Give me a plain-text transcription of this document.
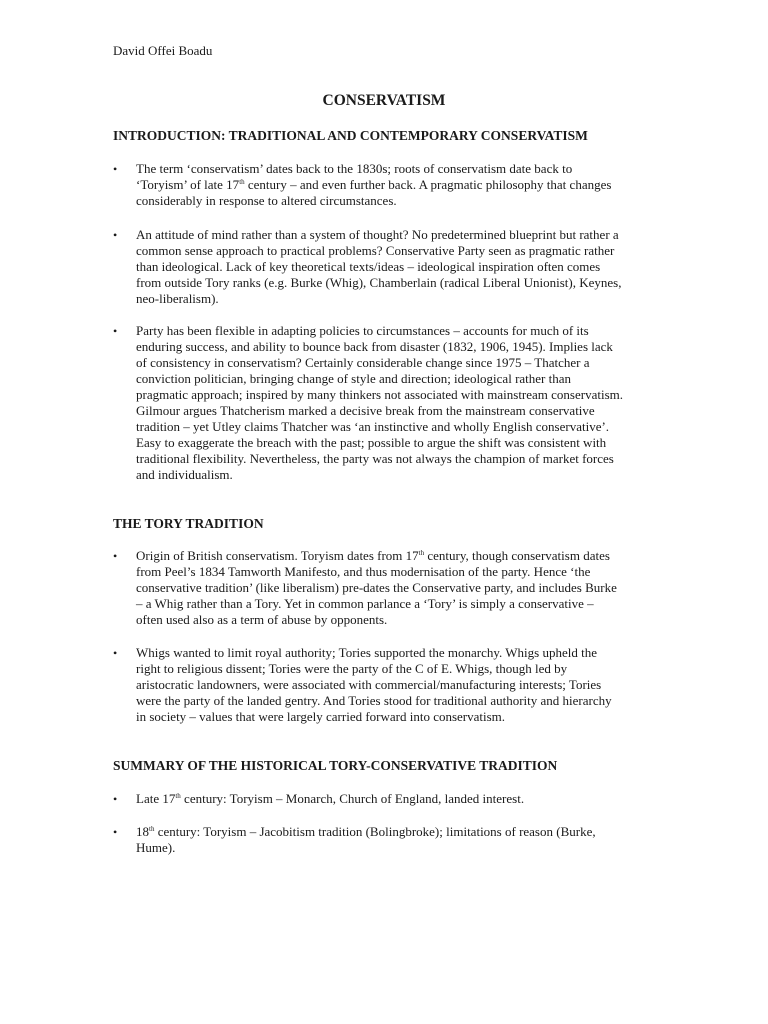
David Offei Boadu
CONSERVATISM
INTRODUCTION: TRADITIONAL AND CONTEMPORARY CONSERVATISM
• The term ‘conservatism’ dates back to the 1830s; roots of conservatism date back to
‘Toryism’ of late 17th century – and even further back. A pragmatic philosophy that changes
considerably in response to altered circumstances.
• An attitude of mind rather than a system of thought? No predetermined blueprint but rather a
common sense approach to practical problems? Conservative Party seen as pragmatic rather
than ideological. Lack of key theoretical texts/ideas – ideological inspiration often comes
from outside Tory ranks (e.g. Burke (Whig), Chamberlain (radical Liberal Unionist), Keynes,
neo-liberalism).
• Party has been flexible in adapting policies to circumstances – accounts for much of its
enduring success, and ability to bounce back from disaster (1832, 1906, 1945). Implies lack
of consistency in conservatism? Certainly considerable change since 1975 – Thatcher a
conviction politician, bringing change of style and direction; ideological rather than
pragmatic approach; inspired by many thinkers not associated with mainstream conservatism.
Gilmour argues Thatcherism marked a decisive break from the mainstream conservative
tradition – yet Utley claims Thatcher was ‘an instinctive and wholly English conservative’.
Easy to exaggerate the breach with the past; possible to argue the shift was consistent with
traditional flexibility. Nevertheless, the party was not always the champion of market forces
and individualism.
THE TORY TRADITION
• Origin of British conservatism. Toryism dates from 17th century, though conservatism dates
from Peel’s 1834 Tamworth Manifesto, and thus modernisation of the party. Hence ‘the
conservative tradition’ (like liberalism) pre-dates the Conservative party, and includes Burke
– a Whig rather than a Tory. Yet in common parlance a ‘Tory’ is simply a conservative –
often used also as a term of abuse by opponents.
• Whigs wanted to limit royal authority; Tories supported the monarchy. Whigs upheld the
right to religious dissent; Tories were the party of the C of E. Whigs, though led by
aristocratic landowners, were associated with commercial/manufacturing interests; Tories
were the party of the landed gentry. And Tories stood for traditional authority and hierarchy
in society – values that were largely carried forward into conservatism.
SUMMARY OF THE HISTORICAL TORY-CONSERVATIVE TRADITION
• Late 17th century: Toryism – Monarch, Church of England, landed interest.
• 18th century: Toryism – Jacobitism tradition (Bolingbroke); limitations of reason (Burke,
Hume).
